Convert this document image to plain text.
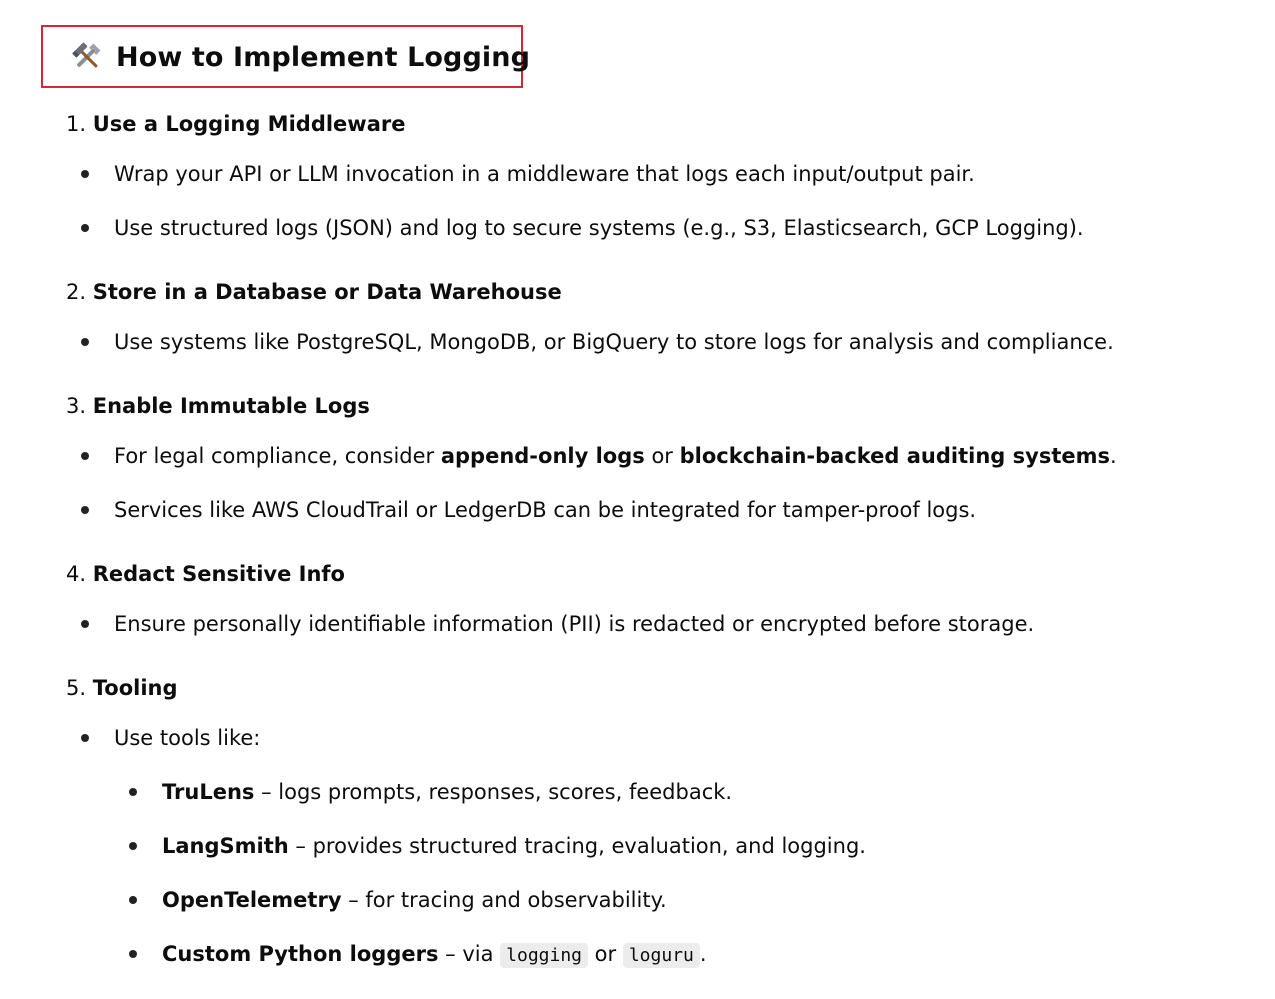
How to Implement Logging
1. Use a Logging Middleware
Wrap your API or LLM invocation in a middleware that logs each input/output pair.
Use structured logs (JSON) and log to secure systems (e.g., S3, Elasticsearch, GCP Logging).
2. Store in a Database or Data Warehouse
Use systems like PostgreSQL, MongoDB, or BigQuery to store logs for analysis and compliance.
3. Enable Immutable Logs
For legal compliance, consider append-only logs or blockchain-backed auditing systems.
Services like AWS CloudTrail or LedgerDB can be integrated for tamper-proof logs.
4. Redact Sensitive Info
Ensure personally identifiable information (PII) is redacted or encrypted before storage.
5. Tooling
Use tools like:
TruLens – logs prompts, responses, scores, feedback.
LangSmith – provides structured tracing, evaluation, and logging.
OpenTelemetry – for tracing and observability.
Custom Python loggers – via logging or loguru .
